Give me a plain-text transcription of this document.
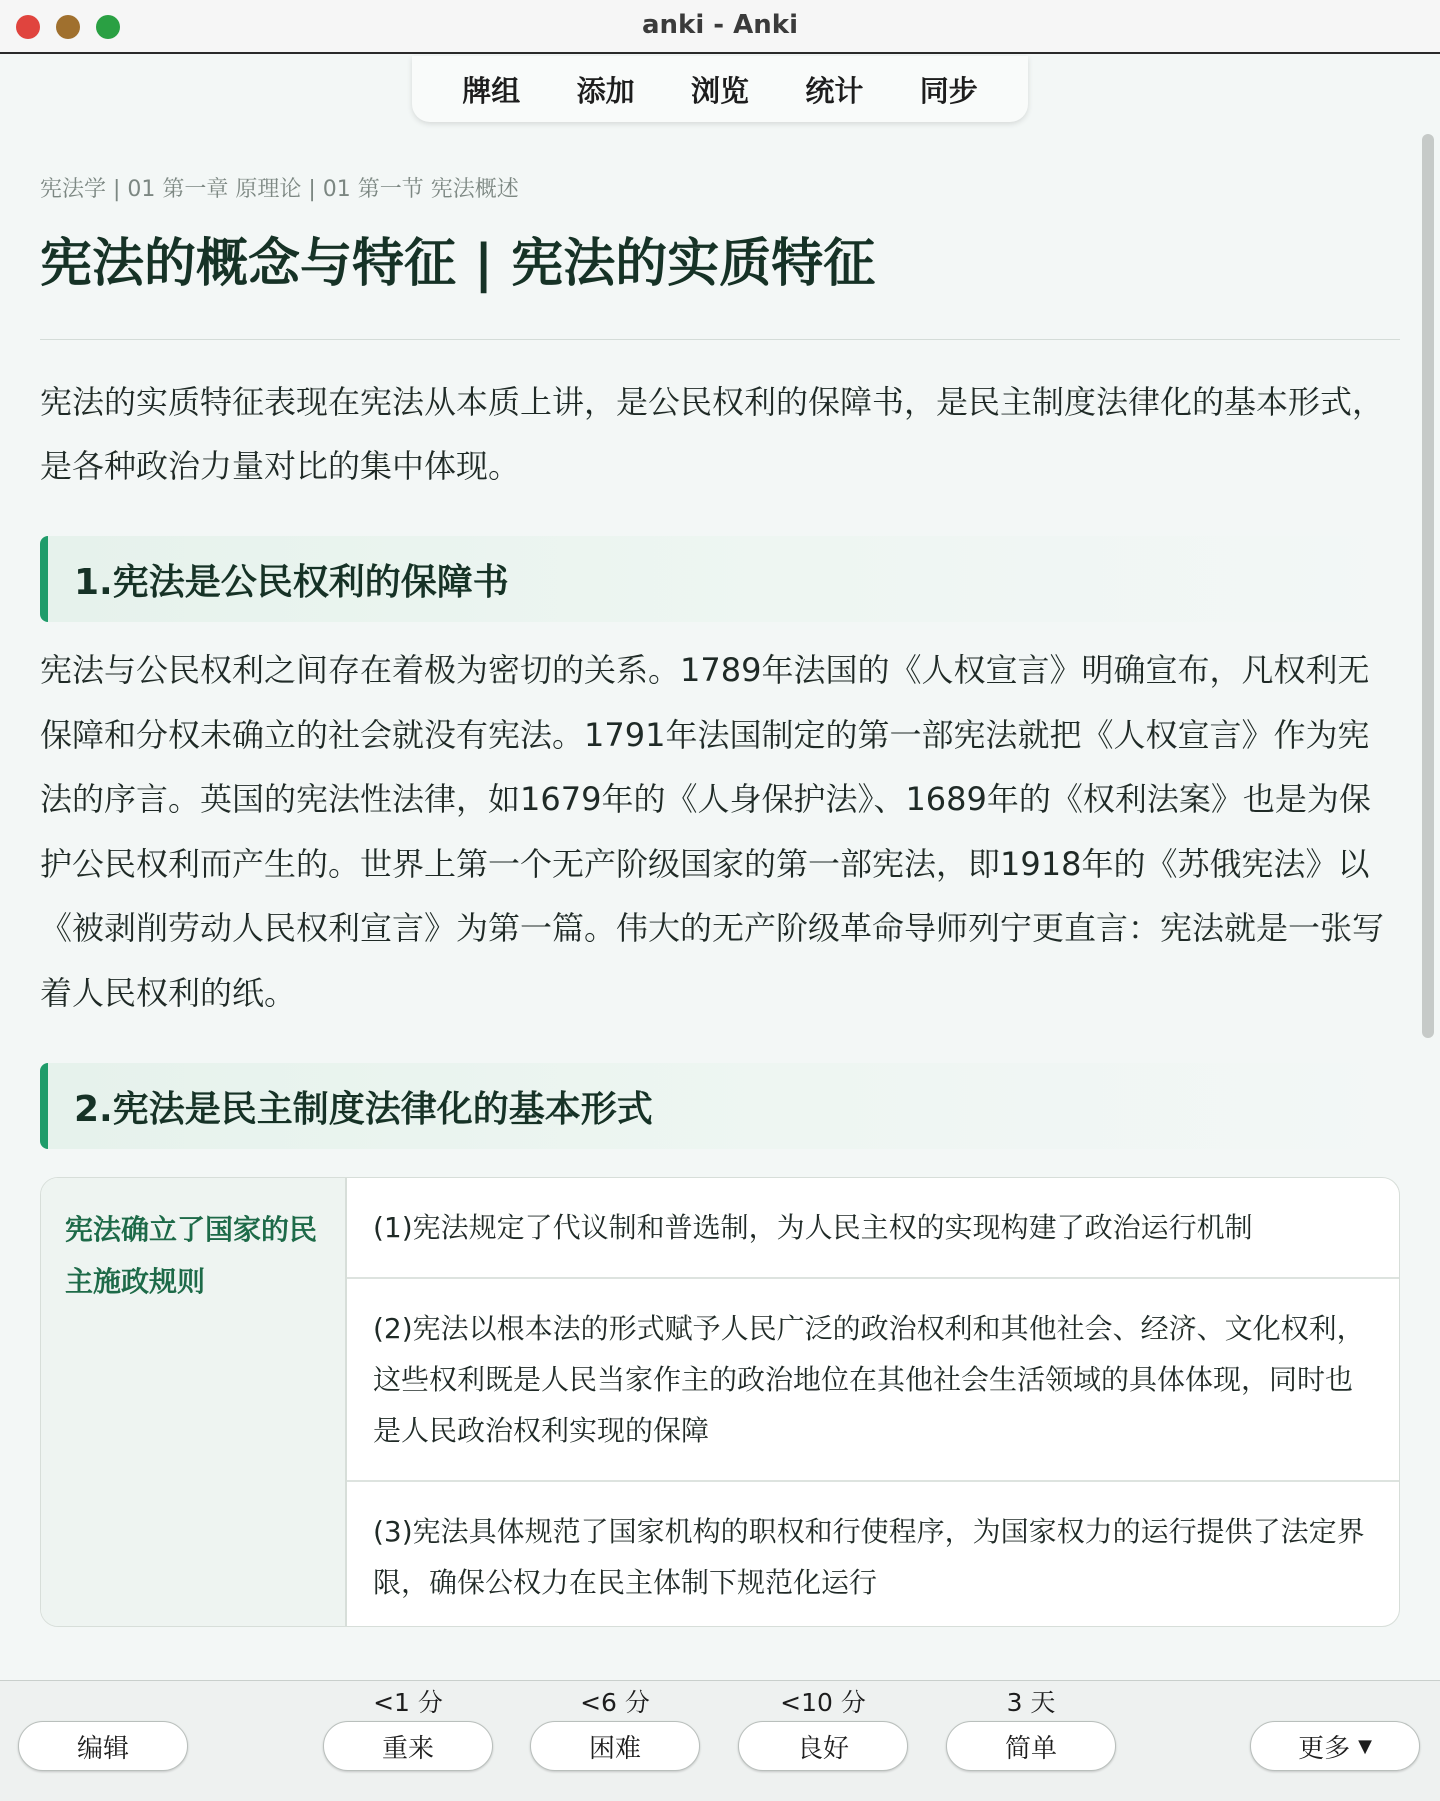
anki - Anki
牌组 添加 浏览 统计 同步
宪法学 | 01 第一章 原理论 | 01 第一节 宪法概述
宪法的概念与特征 | 宪法的实质特征
宪法的实质特征表现在宪法从本质上讲，是公民权利的保障书，是民主制度法律化的基本形式，是各种政治力量对比的集中体现。
1.宪法是公民权利的保障书
宪法与公民权利之间存在着极为密切的关系。1789年法国的《人权宣言》明确宣布，凡权利无保障和分权未确立的社会就没有宪法。1791年法国制定的第一部宪法就把《人权宣言》作为宪法的序言。英国的宪法性法律，如1679年的《人身保护法》、1689年的《权利法案》也是为保护公民权利而产生的。世界上第一个无产阶级国家的第一部宪法，即1918年的《苏俄宪法》以《被剥削劳动人民权利宣言》为第一篇。伟大的无产阶级革命导师列宁更直言：宪法就是一张写着人民权利的纸。
2.宪法是民主制度法律化的基本形式
宪法确立了国家的民主施政规则
(1)宪法规定了代议制和普选制，为人民主权的实现构建了政治运行机制
(2)宪法以根本法的形式赋予人民广泛的政治权利和其他社会、经济、文化权利，这些权利既是人民当家作主的政治地位在其他社会生活领域的具体体现，同时也是人民政治权利实现的保障
(3)宪法具体规范了国家机构的职权和行使程序，为国家权力的运行提供了法定界限，确保公权力在民主体制下规范化运行
编辑
<1 分
重来
<6 分
困难
<10 分
良好
3 天
简单	更多 ▼
